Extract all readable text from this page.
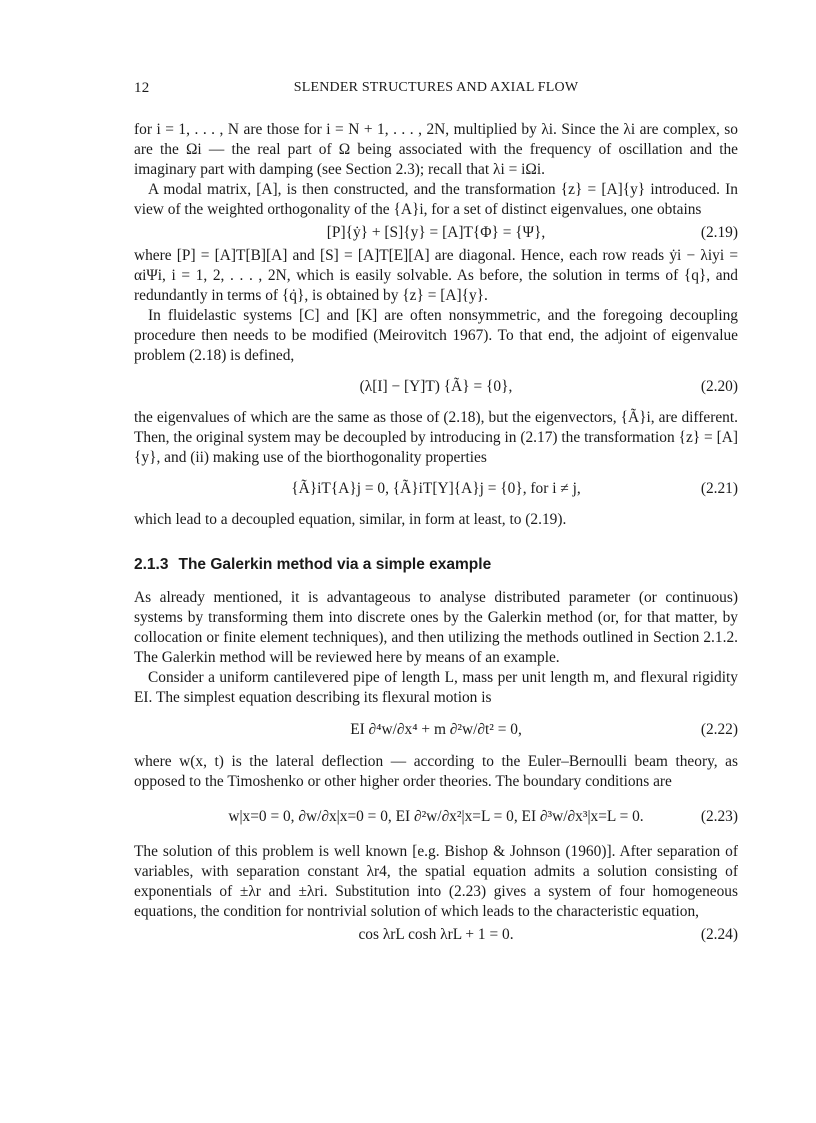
12	SLENDER STRUCTURES AND AXIAL FLOW

for i = 1, . . . , N are those for i = N + 1, . . . , 2N, multiplied by λi. Since the λi are complex, so are the Ωi — the real part of Ω being associated with the frequency of oscillation and the imaginary part with damping (see Section 2.3); recall that λi = iΩi.

A modal matrix, [A], is then constructed, and the transformation {z} = [A]{y} introduced. In view of the weighted orthogonality of the {A}i, for a set of distinct eigenvalues, one obtains

[P]{ẏ} + [S]{y} = [A]T{Φ} = {Ψ},	(2.19)

where [P] = [A]T[B][A] and [S] = [A]T[E][A] are diagonal. Hence, each row reads ẏi − λiyi = αiΨi, i = 1, 2, . . . , 2N, which is easily solvable. As before, the solution in terms of {q}, and redundantly in terms of {q̇}, is obtained by {z} = [A]{y}.

In fluidelastic systems [C] and [K] are often nonsymmetric, and the foregoing decoupling procedure then needs to be modified (Meirovitch 1967). To that end, the adjoint of eigenvalue problem (2.18) is defined,

(λ[I] − [Y]T) {Ã} = {0},	(2.20)

the eigenvalues of which are the same as those of (2.18), but the eigenvectors, {Ã}i, are different. Then, the original system may be decoupled by introducing in (2.17) the transformation {z} = [A]{y}, and (ii) making use of the biorthogonality properties

{Ã}iT{A}j = 0, {Ã}iT[Y]{A}j = {0}, for i ≠ j,	(2.21)

which lead to a decoupled equation, similar, in form at least, to (2.19).

2.1.3 The Galerkin method via a simple example

As already mentioned, it is advantageous to analyse distributed parameter (or continuous) systems by transforming them into discrete ones by the Galerkin method (or, for that matter, by collocation or finite element techniques), and then utilizing the methods outlined in Section 2.1.2. The Galerkin method will be reviewed here by means of an example.

Consider a uniform cantilevered pipe of length L, mass per unit length m, and flexural rigidity EI. The simplest equation describing its flexural motion is

EI ∂⁴w/∂x⁴ + m ∂²w/∂t² = 0,	(2.22)

where w(x, t) is the lateral deflection — according to the Euler–Bernoulli beam theory, as opposed to the Timoshenko or other higher order theories. The boundary conditions are

w|x=0 = 0, ∂w/∂x|x=0 = 0, EI ∂²w/∂x²|x=L = 0, EI ∂³w/∂x³|x=L = 0.	(2.23)

The solution of this problem is well known [e.g. Bishop & Johnson (1960)]. After separation of variables, with separation constant λr4, the spatial equation admits a solution consisting of exponentials of ±λr and ±λri. Substitution into (2.23) gives a system of four homogeneous equations, the condition for nontrivial solution of which leads to the characteristic equation,

cos λrL cosh λrL + 1 = 0.	(2.24)
